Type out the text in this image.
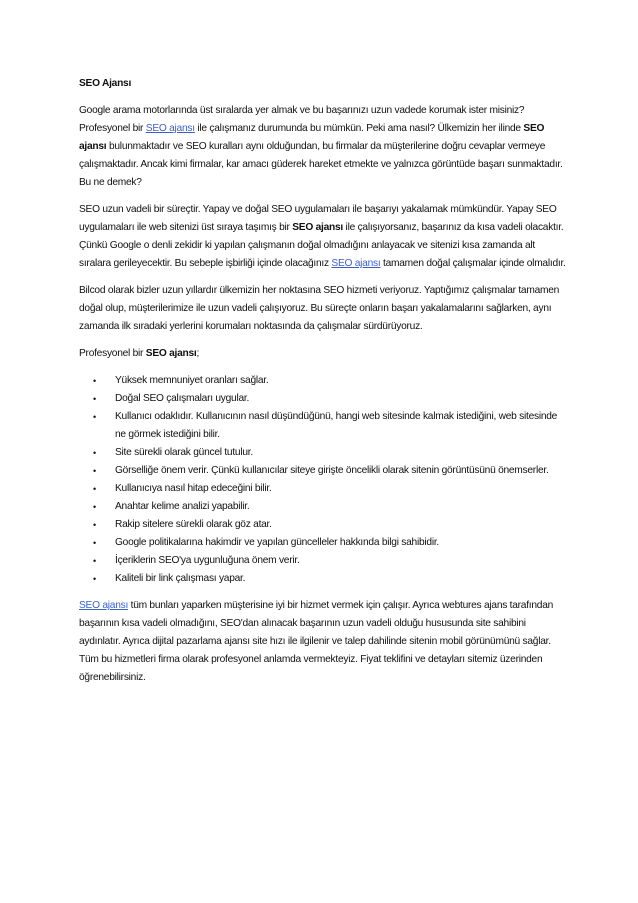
SEO Ajansı

Google arama motorlarında üst sıralarda yer almak ve bu başarınızı uzun vadede korumak ister misiniz? Profesyonel bir SEO ajansı ile çalışmanız durumunda bu mümkün. Peki ama nasıl? Ülkemizin her ilinde SEO ajansı bulunmaktadır ve SEO kuralları aynı olduğundan, bu firmalar da müşterilerine doğru cevaplar vermeye çalışmaktadır. Ancak kimi firmalar, kar amacı güderek hareket etmekte ve yalnızca görüntüde başarı sunmaktadır. Bu ne demek?

SEO uzun vadeli bir süreçtir. Yapay ve doğal SEO uygulamaları ile başarıyı yakalamak mümkündür. Yapay SEO uygulamaları ile web sitenizi üst sıraya taşımış bir SEO ajansı ile çalışıyorsanız, başarınız da kısa vadeli olacaktır. Çünkü Google o denli zekidir ki yapılan çalışmanın doğal olmadığını anlayacak ve sitenizi kısa zamanda alt sıralara gerileyecektir. Bu sebeple işbirliği içinde olacağınız SEO ajansı tamamen doğal çalışmalar içinde olmalıdır.

Bilcod olarak bizler uzun yıllardır ülkemizin her noktasına SEO hizmeti veriyoruz. Yaptığımız çalışmalar tamamen doğal olup, müşterilerimize ile uzun vadeli çalışıyoruz. Bu süreçte onların başarı yakalamalarını sağlarken, aynı zamanda ilk sıradaki yerlerini korumaları noktasında da çalışmalar sürdürüyoruz.

Profesyonel bir SEO ajansı;

• Yüksek memnuniyet oranları sağlar.
• Doğal SEO çalışmaları uygular.
• Kullanıcı odaklıdır. Kullanıcının nasıl düşündüğünü, hangi web sitesinde kalmak istediğini, web sitesinde ne görmek istediğini bilir.
• Site sürekli olarak güncel tutulur.
• Görselliğe önem verir. Çünkü kullanıcılar siteye girişte öncelikli olarak sitenin görüntüsünü önemserler.
• Kullanıcıya nasıl hitap edeceğini bilir.
• Anahtar kelime analizi yapabilir.
• Rakip sitelere sürekli olarak göz atar.
• Google politikalarına hakimdir ve yapılan güncelleler hakkında bilgi sahibidir.
• İçeriklerin SEO'ya uygunluğuna önem verir.
• Kaliteli bir link çalışması yapar.

SEO ajansı tüm bunları yaparken müşterisine iyi bir hizmet vermek için çalışır. Ayrıca webtures ajans tarafından başarının kısa vadeli olmadığını, SEO'dan alınacak başarının uzun vadeli olduğu hususunda site sahibini aydınlatır. Ayrıca dijital pazarlama ajansı site hızı ile ilgilenir ve talep dahilinde sitenin mobil görünümünü sağlar. Tüm bu hizmetleri firma olarak profesyonel anlamda vermekteyiz. Fiyat teklifini ve detayları sitemiz üzerinden öğrenebilirsiniz.
